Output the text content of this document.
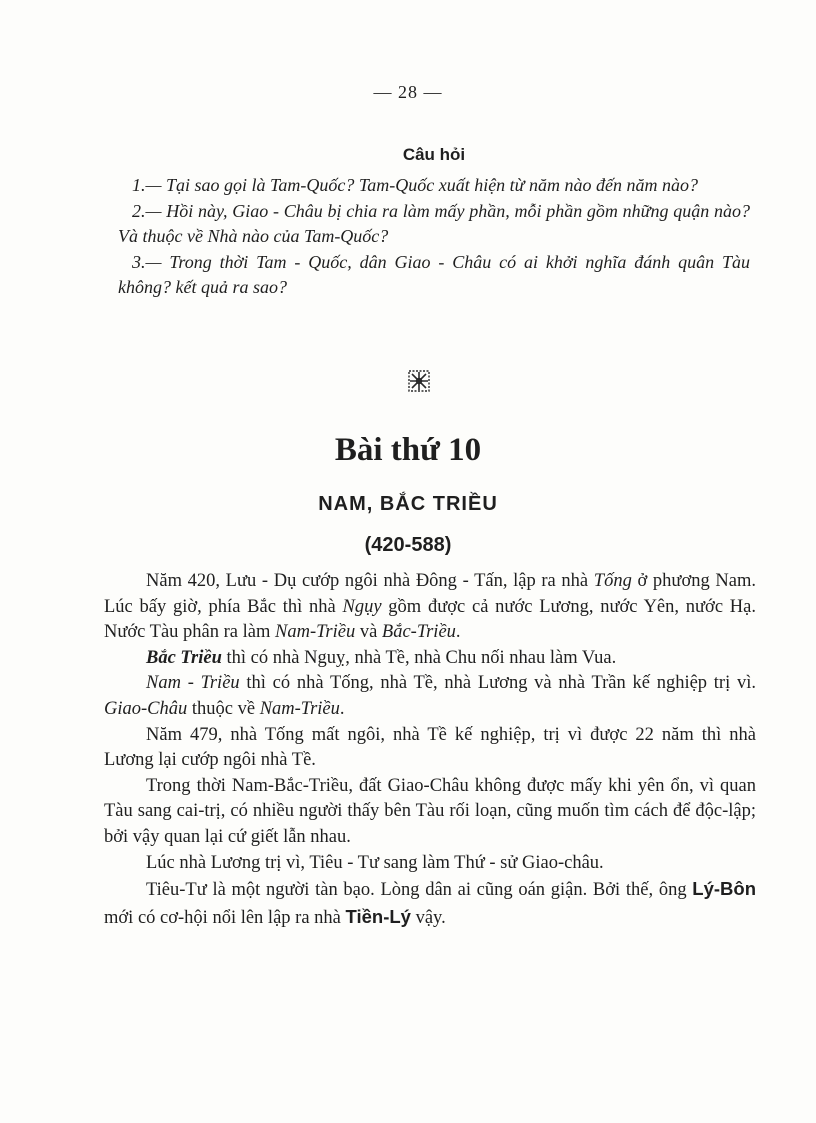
— 28 —
Câu hỏi

1.— Tại sao gọi là Tam-Quốc? Tam-Quốc xuất hiện từ năm nào đến năm nào?

2.— Hồi này, Giao - Châu bị chia ra làm mấy phần, mỗi phần gồm những quận nào? Và thuộc về Nhà nào của Tam-Quốc?

3.— Trong thời Tam - Quốc, dân Giao - Châu có ai khởi nghĩa đánh quân Tàu không? kết quả ra sao?

Bài thứ 10
NAM, BẮC TRIỀU
(420-588)

Năm 420, Lưu - Dụ cướp ngôi nhà Đông - Tấn, lập ra nhà Tống ở phương Nam. Lúc bấy giờ, phía Bắc thì nhà Ngụy gồm được cả nước Lương, nước Yên, nước Hạ. Nước Tàu phân ra làm Nam-Triều và Bắc-Triều.

Bắc Triều thì có nhà Nguỵ, nhà Tề, nhà Chu nối nhau làm Vua.

Nam - Triều thì có nhà Tống, nhà Tề, nhà Lương và nhà Trần kế nghiệp trị vì. Giao-Châu thuộc về Nam-Triều.

Năm 479, nhà Tống mất ngôi, nhà Tề kế nghiệp, trị vì được 22 năm thì nhà Lương lại cướp ngôi nhà Tề.

Trong thời Nam-Bắc-Triều, đất Giao-Châu không được mấy khi yên ổn, vì quan Tàu sang cai-trị, có nhiều người thấy bên Tàu rối loạn, cũng muốn tìm cách để độc-lập; bởi vậy quan lại cứ giết lẫn nhau.

Lúc nhà Lương trị vì, Tiêu - Tư sang làm Thứ - sử Giao-châu.

Tiêu-Tư là một người tàn bạo. Lòng dân ai cũng oán giận. Bởi thế, ông Lý-Bôn mới có cơ-hội nổi lên lập ra nhà Tiền-Lý vậy.
